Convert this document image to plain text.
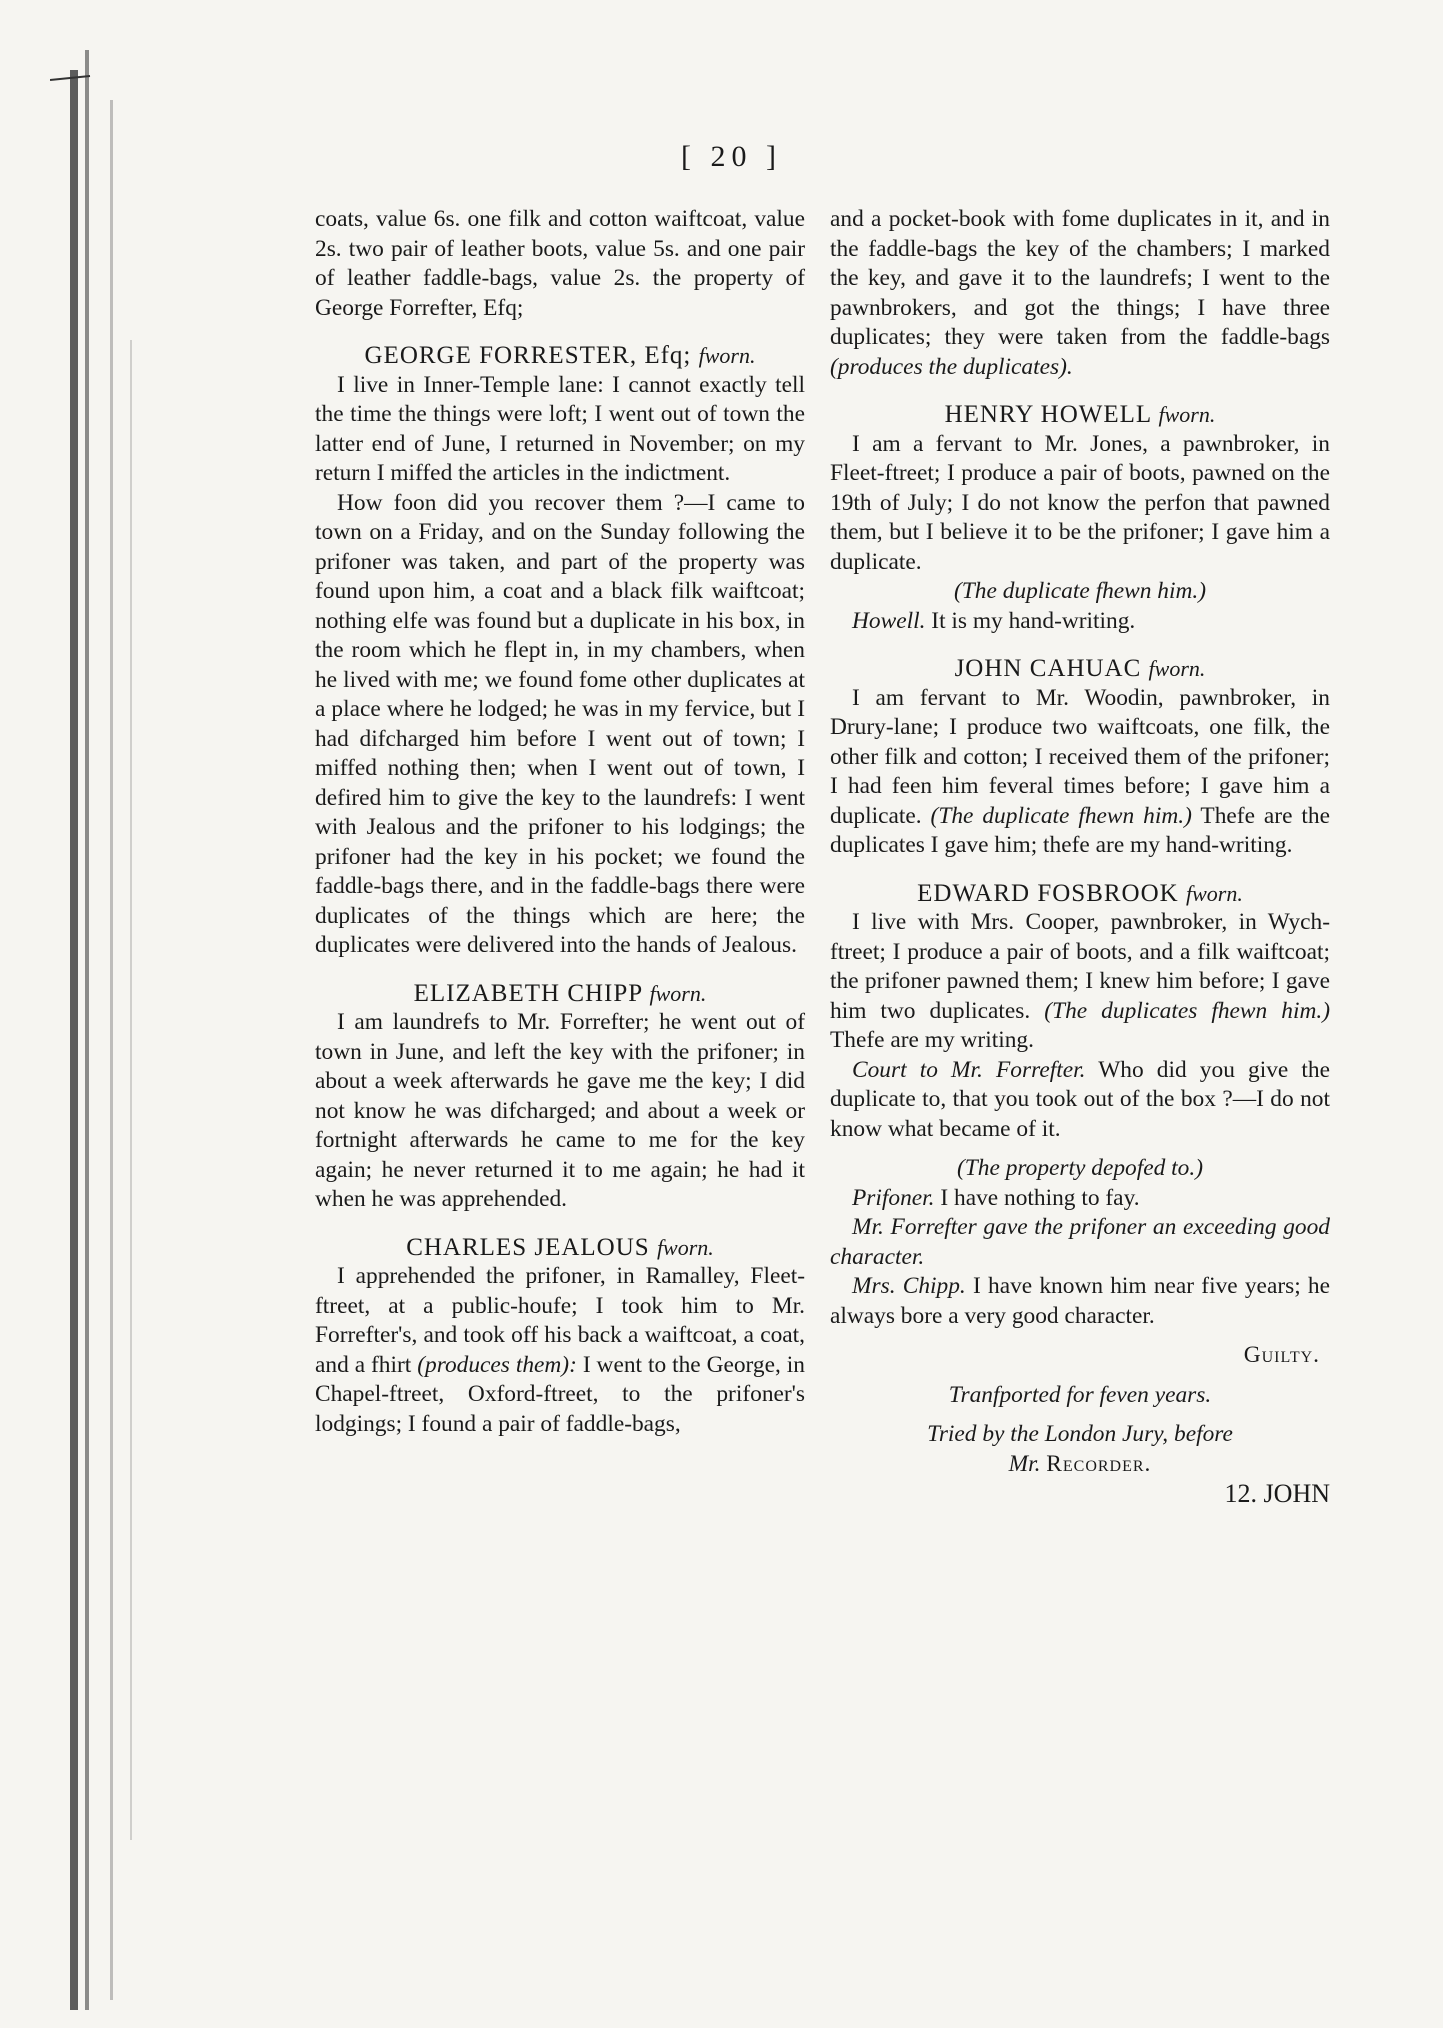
[ 20 ]

coats, value 6s. one filk and cotton waiftcoat, value 2s. two pair of leather boots, value 5s. and one pair of leather faddle-bags, value 2s. the property of George Forrefter, Efq;

GEORGE FORRESTER, Efq; fworn.

I live in Inner-Temple lane: I cannot exactly tell the time the things were loft; I went out of town the latter end of June, I returned in November; on my return I miffed the articles in the indictment.

How foon did you recover them ?—I came to town on a Friday, and on the Sunday following the prifoner was taken, and part of the property was found upon him, a coat and a black filk waiftcoat; nothing elfe was found but a duplicate in his box, in the room which he flept in, in my chambers, when he lived with me; we found fome other duplicates at a place where he lodged; he was in my fervice, but I had difcharged him before I went out of town; I miffed nothing then; when I went out of town, I defired him to give the key to the laundrefs: I went with Jealous and the prifoner to his lodgings; the prifoner had the key in his pocket; we found the faddle-bags there, and in the faddle-bags there were duplicates of the things which are here; the duplicates were delivered into the hands of Jealous.

ELIZABETH CHIPP fworn.

I am laundrefs to Mr. Forrefter; he went out of town in June, and left the key with the prifoner; in about a week afterwards he gave me the key; I did not know he was difcharged; and about a week or fortnight afterwards he came to me for the key again; he never returned it to me again; he had it when he was apprehended.

CHARLES JEALOUS fworn.

I apprehended the prifoner, in Ramalley, Fleet-ftreet, at a public-houfe; I took him to Mr. Forrefter's, and took off his back a waiftcoat, a coat, and a fhirt (produces them): I went to the George, in Chapel-ftreet, Oxford-ftreet, to the prifoner's lodgings; I found a pair of faddle-bags,

and a pocket-book with fome duplicates in it, and in the faddle-bags the key of the chambers; I marked the key, and gave it to the laundrefs; I went to the pawnbrokers, and got the things; I have three duplicates; they were taken from the faddle-bags (produces the duplicates).

HENRY HOWELL fworn.

I am a fervant to Mr. Jones, a pawnbroker, in Fleet-ftreet; I produce a pair of boots, pawned on the 19th of July; I do not know the perfon that pawned them, but I believe it to be the prifoner; I gave him a duplicate.

(The duplicate fhewn him.)

Howell. It is my hand-writing.

JOHN CAHUAC fworn.

I am fervant to Mr. Woodin, pawnbroker, in Drury-lane; I produce two waiftcoats, one filk, the other filk and cotton; I received them of the prifoner; I had feen him feveral times before; I gave him a duplicate. (The duplicate fhewn him.) Thefe are the duplicates I gave him; thefe are my hand-writing.

EDWARD FOSBROOK fworn.

I live with Mrs. Cooper, pawnbroker, in Wych-ftreet; I produce a pair of boots, and a filk waiftcoat; the prifoner pawned them; I knew him before; I gave him two duplicates. (The duplicates fhewn him.) Thefe are my writing.

Court to Mr. Forrefter. Who did you give the duplicate to, that you took out of the box ?—I do not know what became of it.

(The property depofed to.)

Prifoner. I have nothing to fay.

Mr. Forrefter gave the prifoner an exceeding good character.

Mrs. Chipp. I have known him near five years; he always bore a very good character.

Guilty.

Tranfported for feven years.

Tried by the London Jury, before

Mr. Recorder.

12. JOHN
